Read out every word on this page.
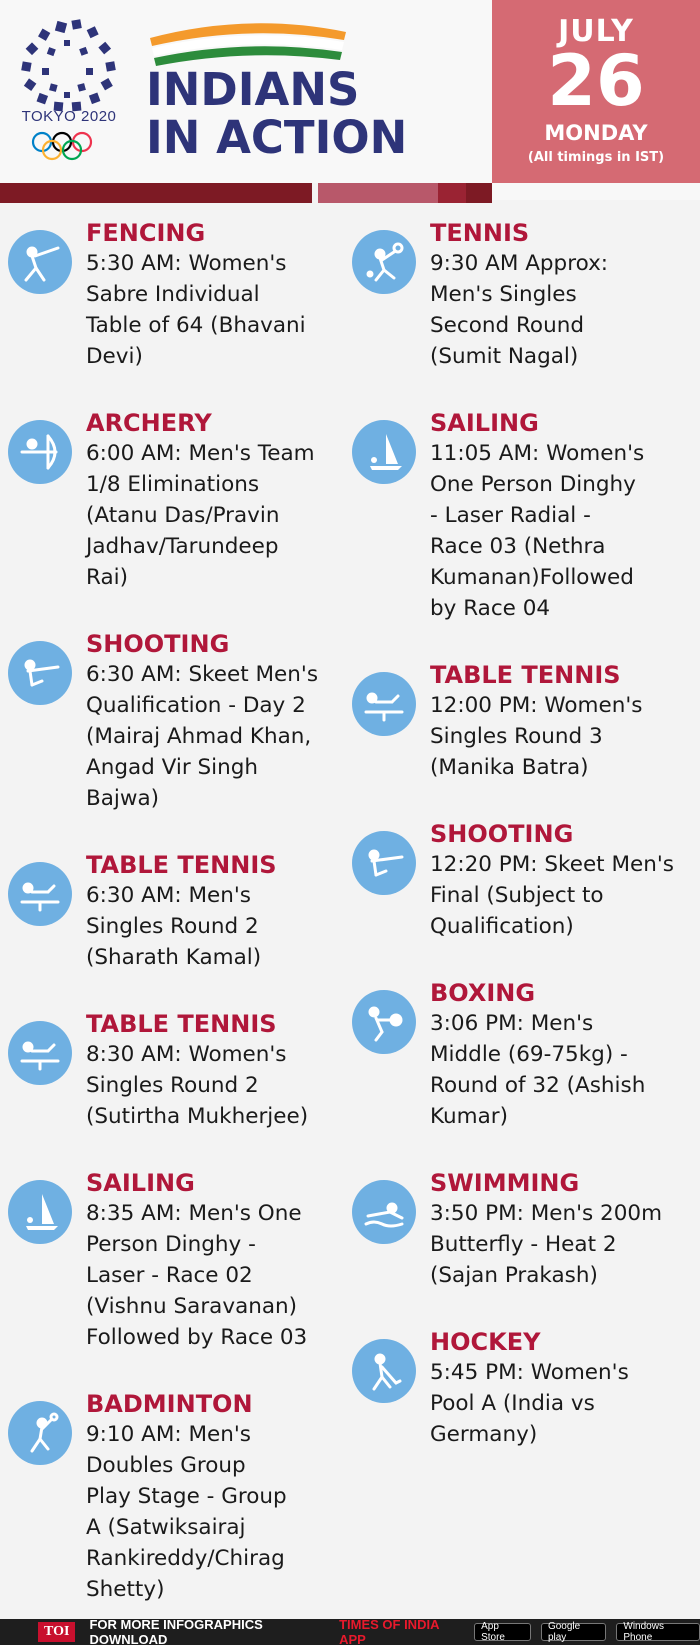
TOKYO 2020
INDIANS
IN ACTION
JULY
26
MONDAY
(All timings in IST)
FENCING
5:30 AM: Women's
Sabre Individual
Table of 64 (Bhavani
Devi)
ARCHERY
6:00 AM: Men's Team
1/8 Eliminations
(Atanu Das/Pravin
Jadhav/Tarundeep
Rai)
SHOOTING
6:30 AM: Skeet Men's
Qualification - Day 2
(Mairaj Ahmad Khan,
Angad Vir Singh
Bajwa)
TABLE TENNIS
6:30 AM: Men's
Singles Round 2
(Sharath Kamal)
TABLE TENNIS
8:30 AM: Women's
Singles Round 2
(Sutirtha Mukherjee)
SAILING
8:35 AM: Men's One
Person Dinghy -
Laser - Race 02
(Vishnu Saravanan)
Followed by Race 03
BADMINTON
9:10 AM: Men's
Doubles Group
Play Stage - Group
A (Satwiksairaj
Rankireddy/Chirag
Shetty)
TENNIS
9:30 AM Approx:
Men's Singles
Second Round
(Sumit Nagal)
SAILING
11:05 AM: Women's
One Person Dinghy
- Laser Radial -
Race 03 (Nethra
Kumanan)Followed
by Race 04
TABLE TENNIS
12:00 PM: Women's
Singles Round 3
(Manika Batra)
SHOOTING
12:20 PM: Skeet Men's
Final (Subject to
Qualification)
BOXING
3:06 PM: Men's
Middle (69-75kg) -
Round of 32 (Ashish
Kumar)
SWIMMING
3:50 PM: Men's 200m
Butterfly - Heat 2
(Sajan Prakash)
HOCKEY
5:45 PM: Women's
Pool A (India vs
Germany)
TOI	FOR MORE INFOGRAPHICS DOWNLOAD
TIMES OF INDIA APP
App Store
Google play
Windows Phone
